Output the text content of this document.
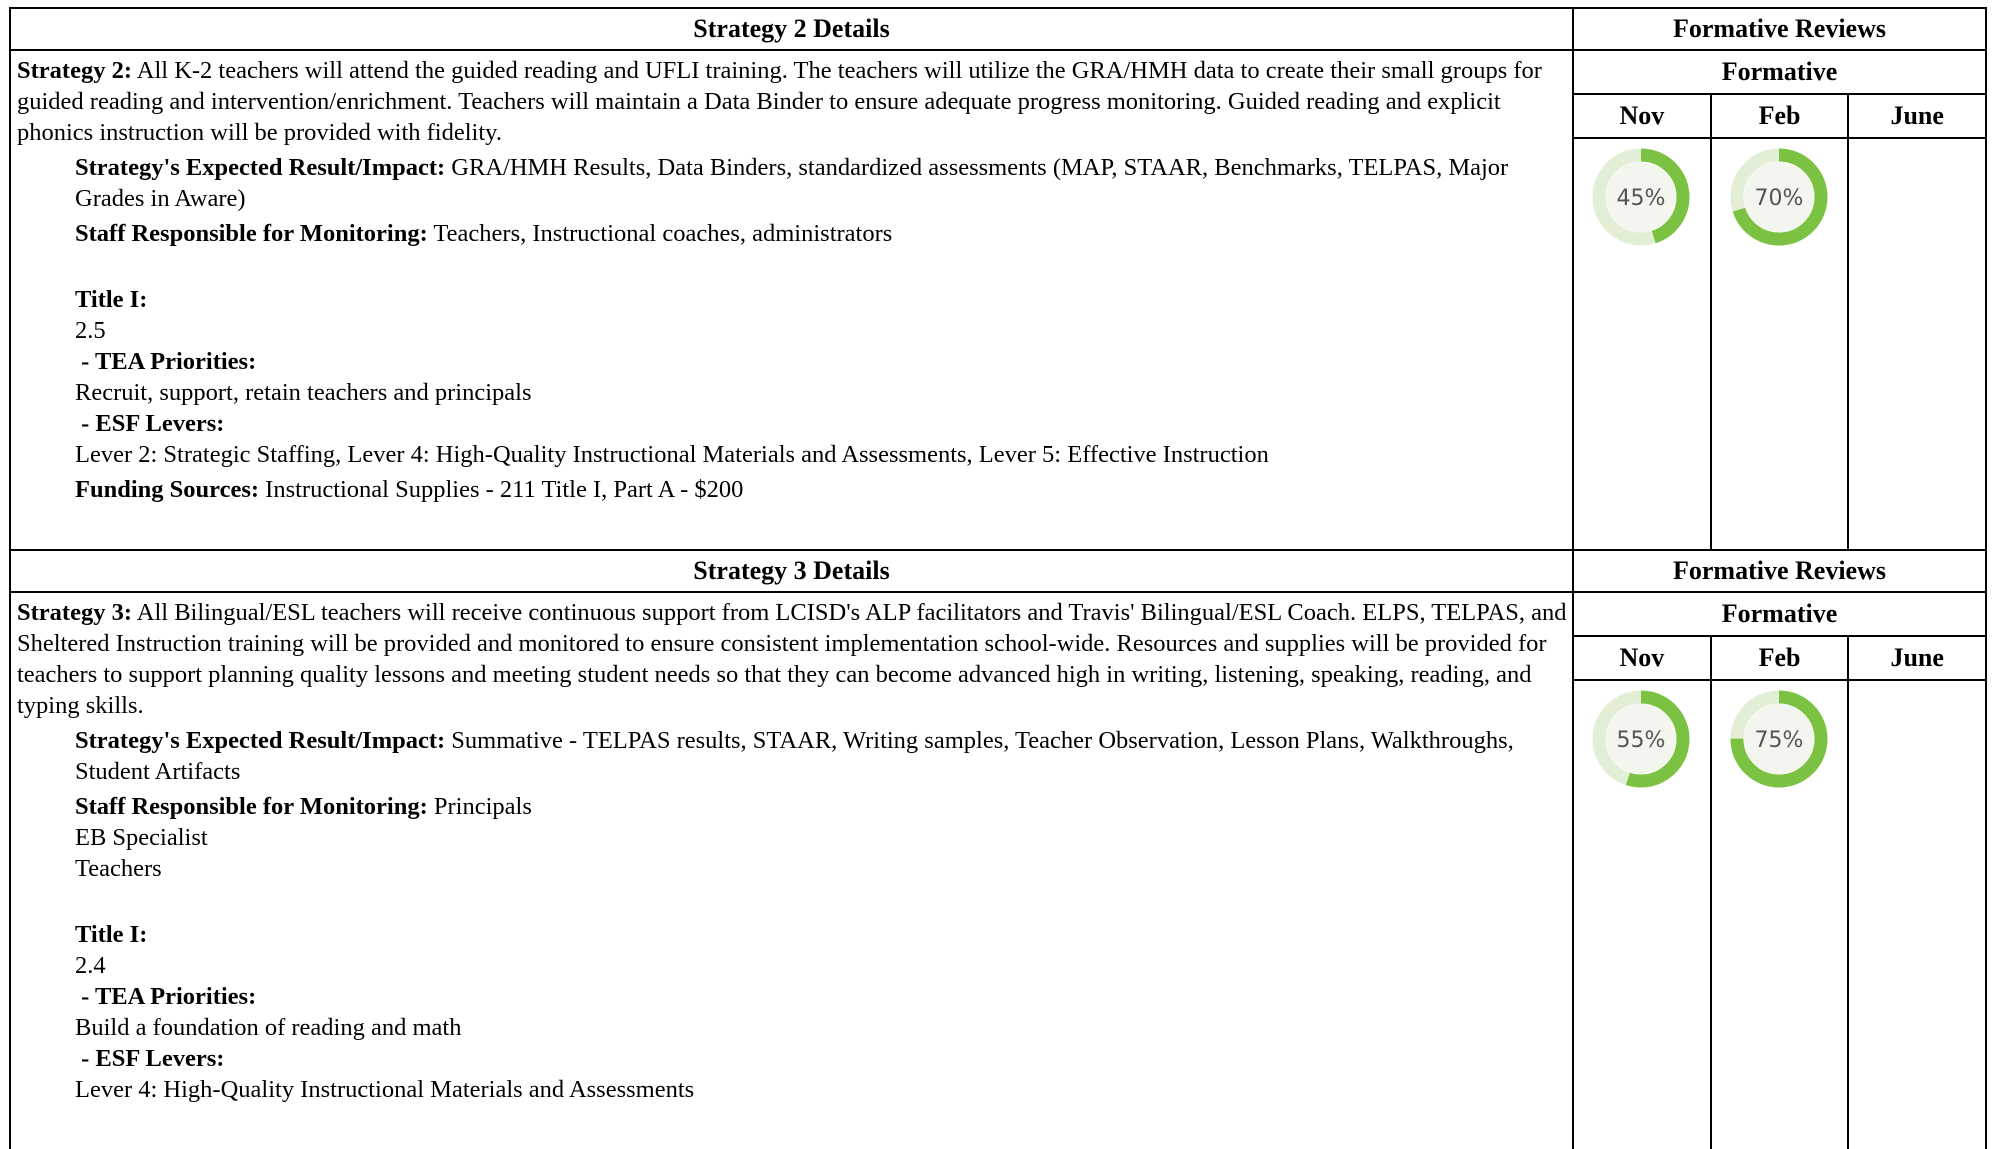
Strategy 2 Details

Strategy 2: All K-2 teachers will attend the guided reading and UFLI training. The teachers will utilize the GRA/HMH data to create their small groups for guided reading and intervention/enrichment. Teachers will maintain a Data Binder to ensure adequate progress monitoring. Guided reading and explicit phonics instruction will be provided with fidelity.

Strategy's Expected Result/Impact: GRA/HMH Results, Data Binders, standardized assessments (MAP, STAAR, Benchmarks, TELPAS, Major Grades in Aware)

Staff Responsible for Monitoring: Teachers, Instructional coaches, administrators

Title I:

2.5

- TEA Priorities:

Recruit, support, retain teachers and principals

- ESF Levers:

Lever 2: Strategic Staffing, Lever 4: High-Quality Instructional Materials and Assessments, Lever 5: Effective Instruction

Funding Sources: Instructional Supplies - 211 Title I, Part A - $200

Formative Reviews
Formative
Nov	Feb	June
45%	70%
Strategy 3 Details

Strategy 3: All Bilingual/ESL teachers will receive continuous support from LCISD's ALP facilitators and Travis' Bilingual/ESL Coach. ELPS, TELPAS, and Sheltered Instruction training will be provided and monitored to ensure consistent implementation school-wide. Resources and supplies will be provided for teachers to support planning quality lessons and meeting student needs so that they can become advanced high in writing, listening, speaking, reading, and typing skills.

Strategy's Expected Result/Impact: Summative - TELPAS results, STAAR, Writing samples, Teacher Observation, Lesson Plans, Walkthroughs, Student Artifacts

Staff Responsible for Monitoring: Principals

EB Specialist

Teachers

Title I:

2.4

- TEA Priorities:

Build a foundation of reading and math

- ESF Levers:

Lever 4: High-Quality Instructional Materials and Assessments

Formative Reviews
Formative
Nov	Feb	June
55%	75%
